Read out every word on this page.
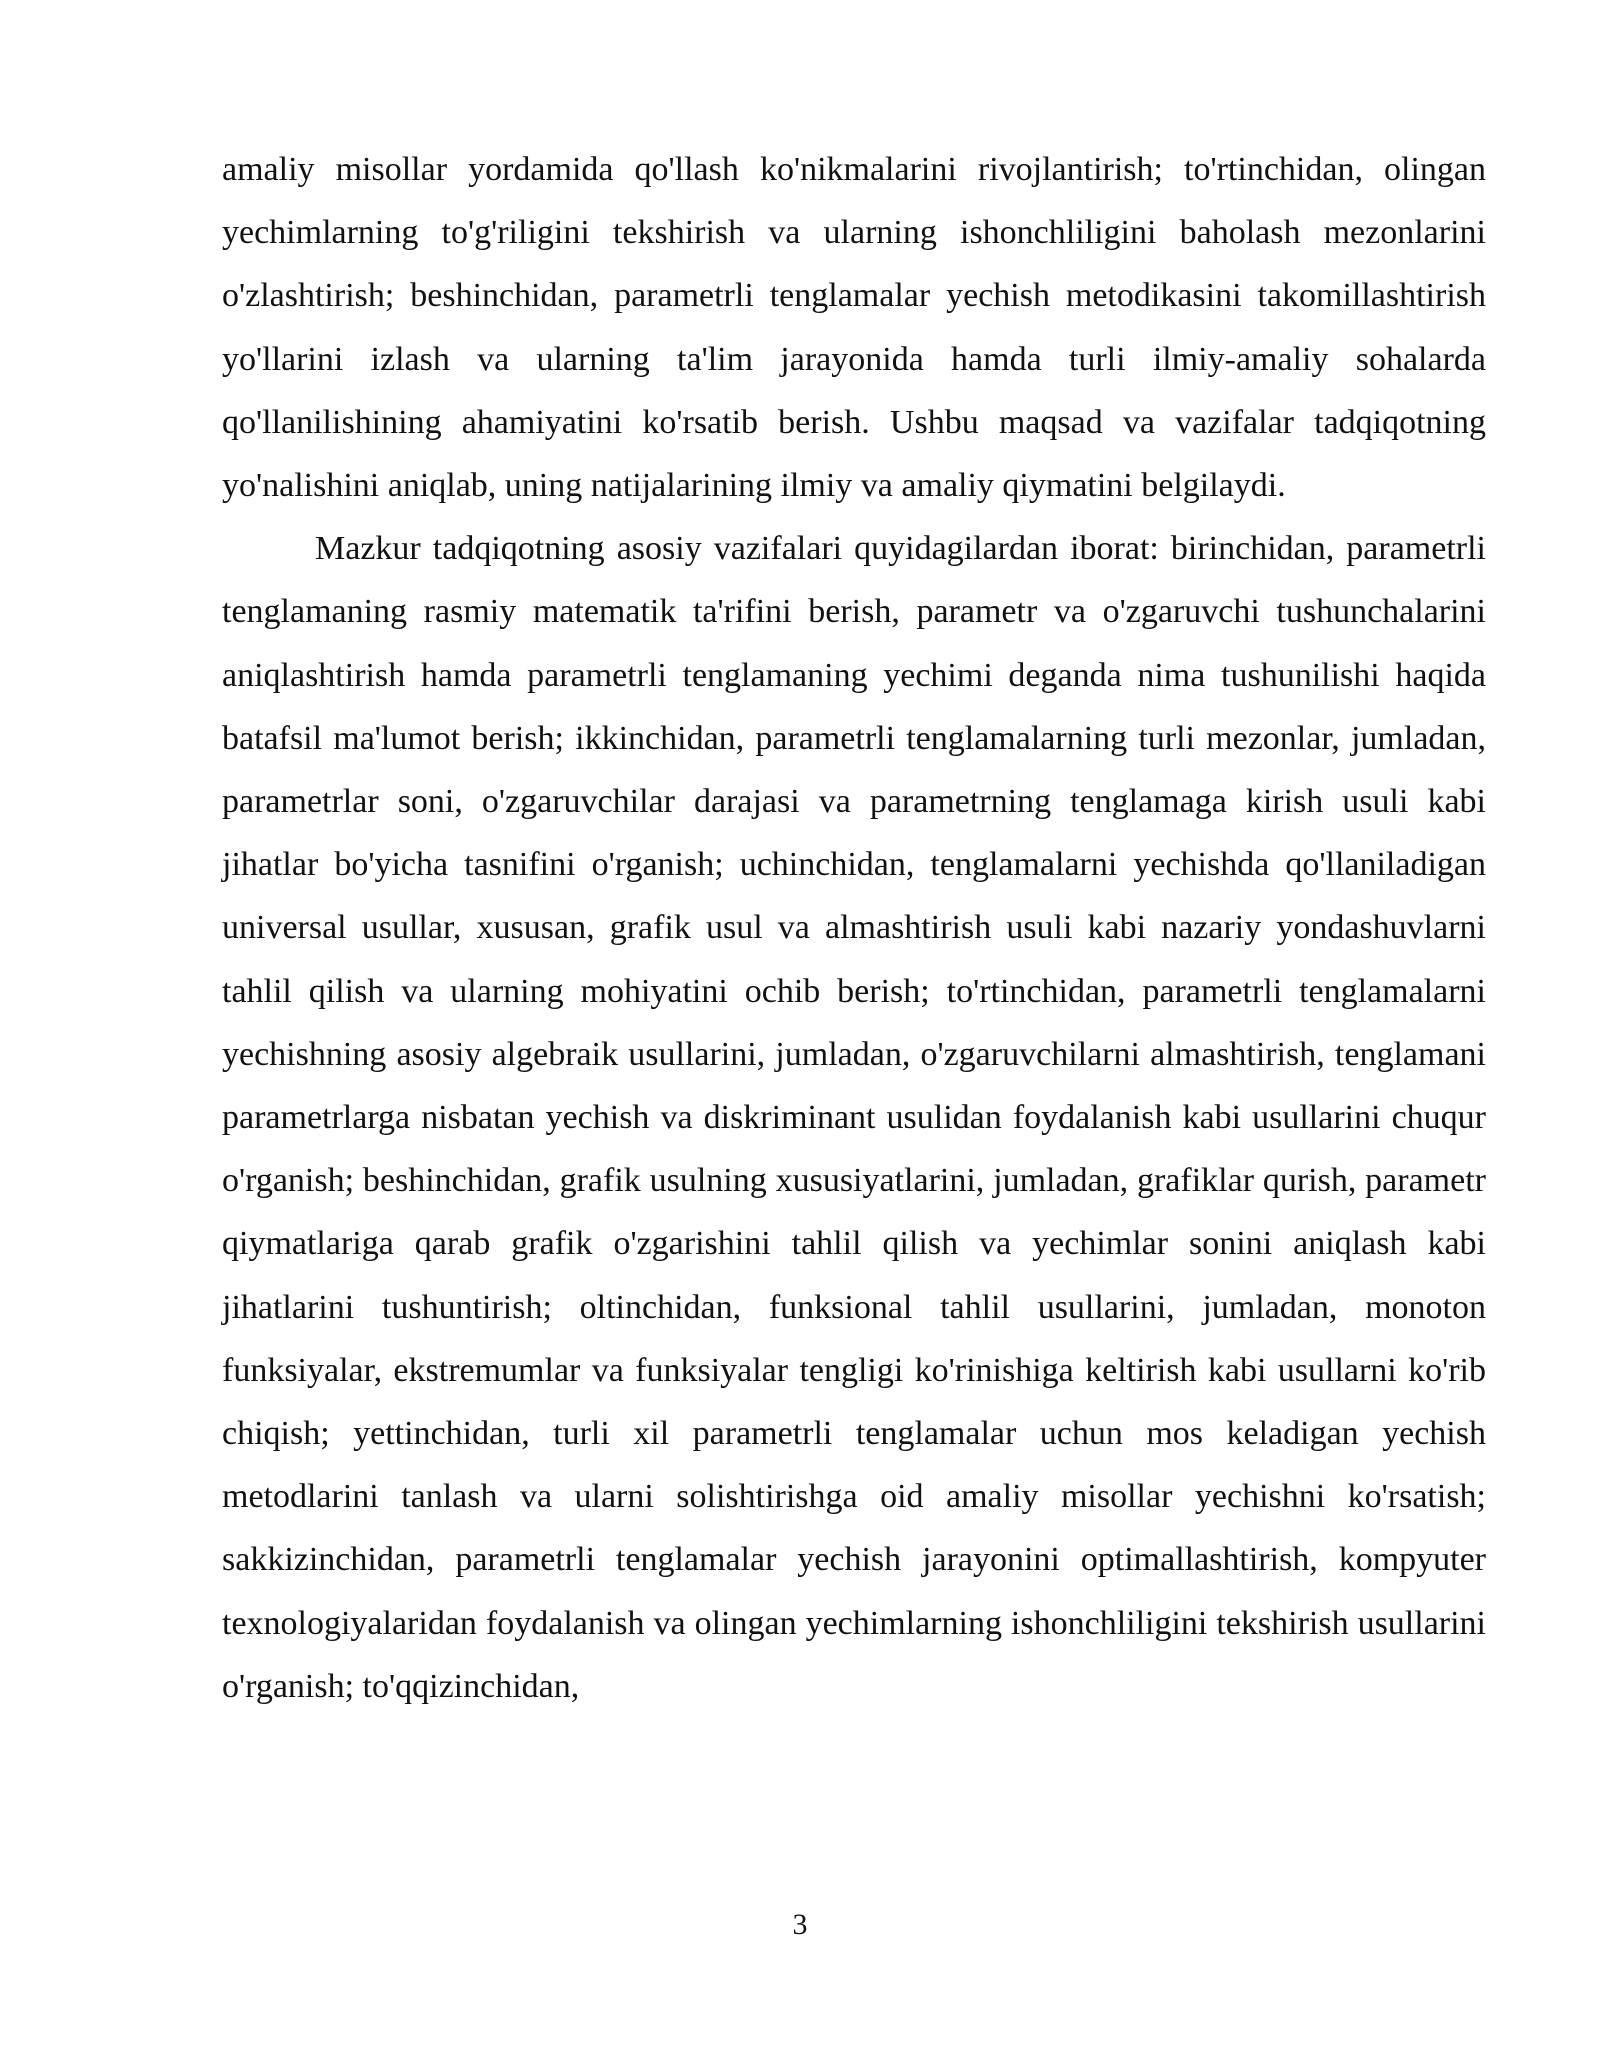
amaliy misollar yordamida qo'llash ko'nikmalarini rivojlantirish; to'rtinchidan, olingan yechimlarning to'g'riligini tekshirish va ularning ishonchliligini baholash mezonlarini o'zlashtirish; beshinchidan, parametrli tenglamalar yechish metodikasini takomillashtirish yo'llarini izlash va ularning ta'lim jarayonida hamda turli ilmiy-amaliy sohalarda qo'llanilishining ahamiyatini ko'rsatib berish. Ushbu maqsad va vazifalar tadqiqotning yo'nalishini aniqlab, uning natijalarining ilmiy va amaliy qiymatini belgilaydi.

Mazkur tadqiqotning asosiy vazifalari quyidagilardan iborat: birinchidan, parametrli tenglamaning rasmiy matematik ta'rifini berish, parametr va o'zgaruvchi tushunchalarini aniqlashtirish hamda parametrli tenglamaning yechimi deganda nima tushunilishi haqida batafsil ma'lumot berish; ikkinchidan, parametrli tenglamalarning turli mezonlar, jumladan, parametrlar soni, o'zgaruvchilar darajasi va parametrning tenglamaga kirish usuli kabi jihatlar bo'yicha tasnifini o'rganish; uchinchidan, tenglamalarni yechishda qo'llaniladigan universal usullar, xususan, grafik usul va almashtirish usuli kabi nazariy yondashuvlarni tahlil qilish va ularning mohiyatini ochib berish; to'rtinchidan, parametrli tenglamalarni yechishning asosiy algebraik usullarini, jumladan, o'zgaruvchilarni almashtirish, tenglamani parametrlarga nisbatan yechish va diskriminant usulidan foydalanish kabi usullarini chuqur o'rganish; beshinchidan, grafik usulning xususiyatlarini, jumladan, grafiklar qurish, parametr qiymatlariga qarab grafik o'zgarishini tahlil qilish va yechimlar sonini aniqlash kabi jihatlarini tushuntirish; oltinchidan, funksional tahlil usullarini, jumladan, monoton funksiyalar, ekstremumlar va funksiyalar tengligi ko'rinishiga keltirish kabi usullarni ko'rib chiqish; yettinchidan, turli xil parametrli tenglamalar uchun mos keladigan yechish metodlarini tanlash va ularni solishtirishga oid amaliy misollar yechishni ko'rsatish; sakkizinchidan, parametrli tenglamalar yechish jarayonini optimallashtirish, kompyuter texnologiyalaridan foydalanish va olingan yechimlarning ishonchliligini tekshirish usullarini o'rganish; to'qqizinchidan,

3
